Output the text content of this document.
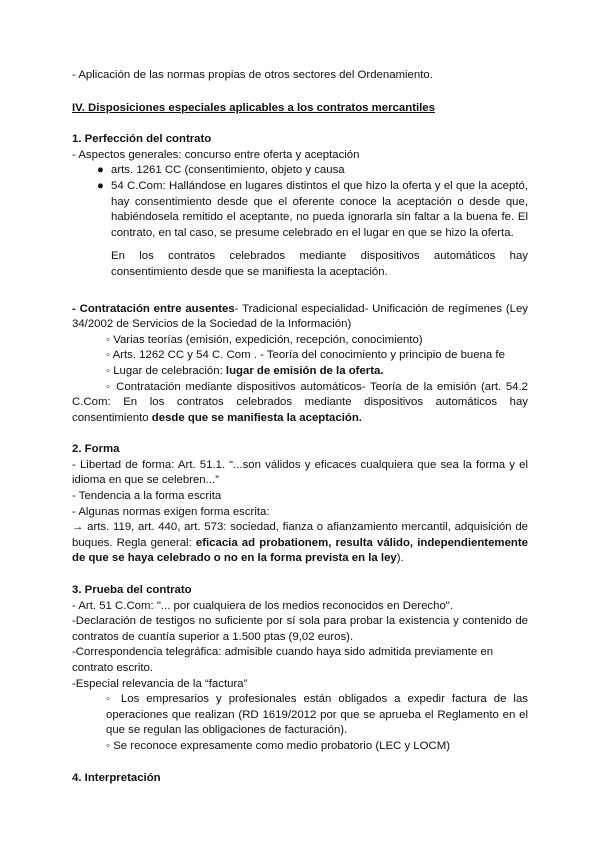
- Aplicación de las normas propias de otros sectores del Ordenamiento.

IV. Disposiciones especiales aplicables a los contratos mercantiles

1. Perfección del contrato

- Aspectos generales: concurso entre oferta y aceptación

● arts. 1261 CC (consentimiento, objeto y causa
● 54 C.Com: Hallándose en lugares distintos el que hizo la oferta y el que la aceptó, hay consentimiento desde que el oferente conoce la aceptación o desde que, habiéndosela remitido el aceptante, no pueda ignorarla sin faltar a la buena fe. El contrato, en tal caso, se presume celebrado en el lugar en que se hizo la oferta.

En los contratos celebrados mediante dispositivos automáticos hay consentimiento desde que se manifiesta la aceptación.

- Contratación entre ausentes- Tradicional especialidad- Unificación de regímenes (Ley 34/2002 de Servicios de la Sociedad de la Información)

◦ Varias teorías (emisión, expedición, recepción, conocimiento)

◦ Arts. 1262 CC y 54 C. Com . - Teoría del conocimiento y principio de buena fe

◦ Lugar de celebración: lugar de emisión de la oferta.

◦ Contratación mediante dispositivos automáticos- Teoría de la emisión (art. 54.2 C.Com: En los contratos celebrados mediante dispositivos automáticos hay consentimiento desde que se manifiesta la aceptación.

2. Forma

- Libertad de forma: Art. 51.1. “...son válidos y eficaces cualquiera que sea la forma y el idioma en que se celebren...”

- Tendencia a la forma escrita

- Algunas normas exigen forma escrita:

→ arts. 119, art. 440, art. 573: sociedad, fianza o afianzamiento mercantil, adquisición de buques. Regla general: eficacia ad probationem, resulta válido, independientemente de que se haya celebrado o no en la forma prevista en la ley).

3. Prueba del contrato

- Art. 51 C.Com: "... por cualquiera de los medios reconocidos en Derecho".

-Declaración de testigos no suficiente por sí sola para probar la existencia y contenido de contratos de cuantía superior a 1.500 ptas (9,02 euros).

-Correspondencia telegráfica: admisible cuando haya sido admitida previamente en contrato escrito.

-Especial relevancia de la “factura”

◦ Los empresarios y profesionales están obligados a expedir factura de las operaciones que realizan (RD 1619/2012 por que se aprueba el Reglamento en el que se regulan las obligaciones de facturación).

◦ Se reconoce expresamente como medio probatorio (LEC y LOCM)

4. Interpretación
